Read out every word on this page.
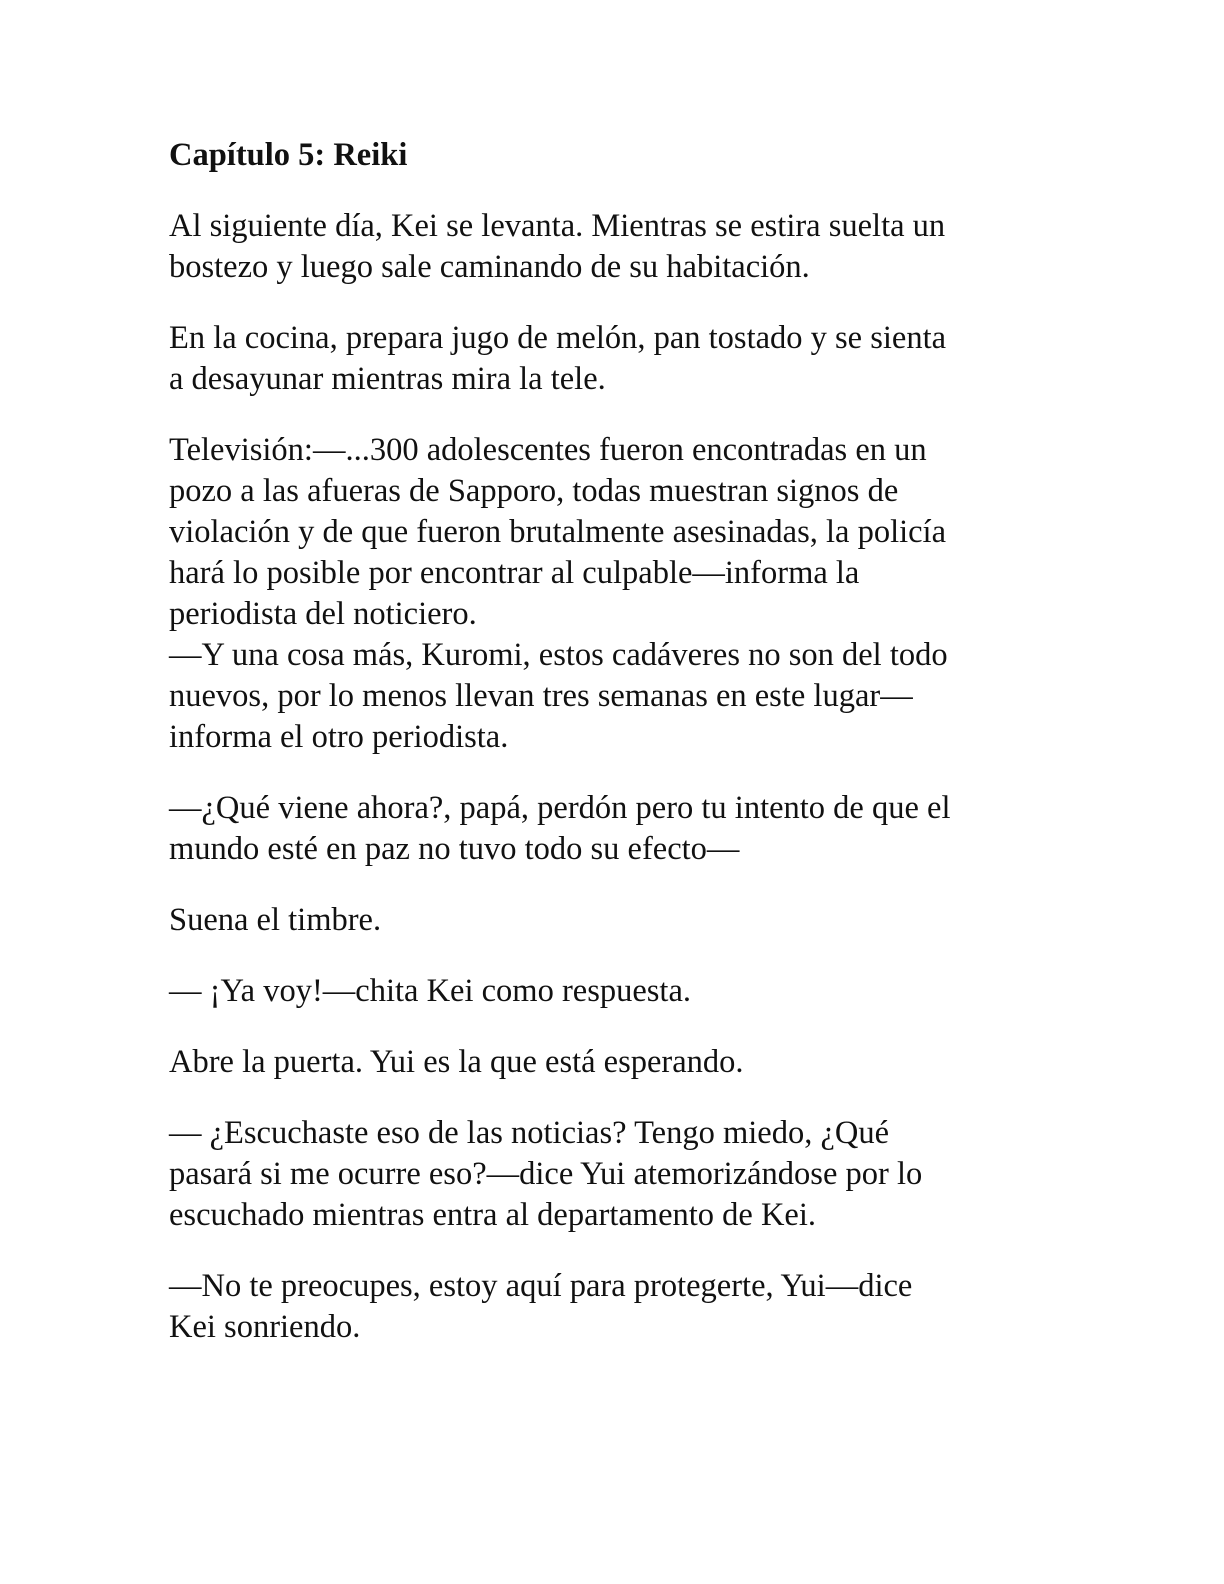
Capítulo 5: Reiki
Al siguiente día, Kei se levanta. Mientras se estira suelta un
bostezo y luego sale caminando de su habitación.
En la cocina, prepara jugo de melón, pan tostado y se sienta
a desayunar mientras mira la tele.
Televisión:—...300 adolescentes fueron encontradas en un
pozo a las afueras de Sapporo, todas muestran signos de
violación y de que fueron brutalmente asesinadas, la policía
hará lo posible por encontrar al culpable—informa la
periodista del noticiero.
—Y una cosa más, Kuromi, estos cadáveres no son del todo
nuevos, por lo menos llevan tres semanas en este lugar—
informa el otro periodista.
—¿Qué viene ahora?, papá, perdón pero tu intento de que el
mundo esté en paz no tuvo todo su efecto—
Suena el timbre.
— ¡Ya voy!—chita Kei como respuesta.
Abre la puerta. Yui es la que está esperando.
— ¿Escuchaste eso de las noticias? Tengo miedo, ¿Qué
pasará si me ocurre eso?—dice Yui atemorizándose por lo
escuchado mientras entra al departamento de Kei.
—No te preocupes, estoy aquí para protegerte, Yui—dice
Kei sonriendo.
